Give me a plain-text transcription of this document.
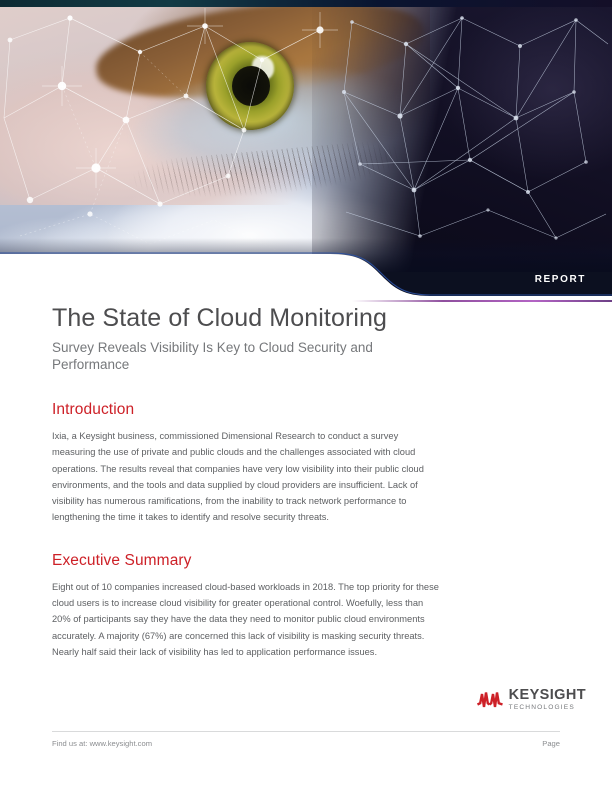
REPORT
The State of Cloud Monitoring
Survey Reveals Visibility Is Key to Cloud Security and Performance
Introduction

Ixia, a Keysight business, commissioned Dimensional Research to conduct a survey measuring the use of private and public clouds and the challenges associated with cloud operations. The results reveal that companies have very low visibility into their public cloud environments, and the tools and data supplied by cloud providers are insufficient. Lack of visibility has numerous ramifications, from the inability to track network performance to lengthening the time it takes to identify and resolve security threats.

Executive Summary

Eight out of 10 companies increased cloud-based workloads in 2018. The top priority for these cloud users is to increase cloud visibility for greater operational control. Woefully, less than 20% of participants say they have the data they need to monitor public cloud environments accurately. A majority (67%) are concerned this lack of visibility is masking security threats. Nearly half said their lack of visibility has led to application performance issues.

KEYSIGHT
TECHNOLOGIES
Find us at: www.keysight.com	Page
